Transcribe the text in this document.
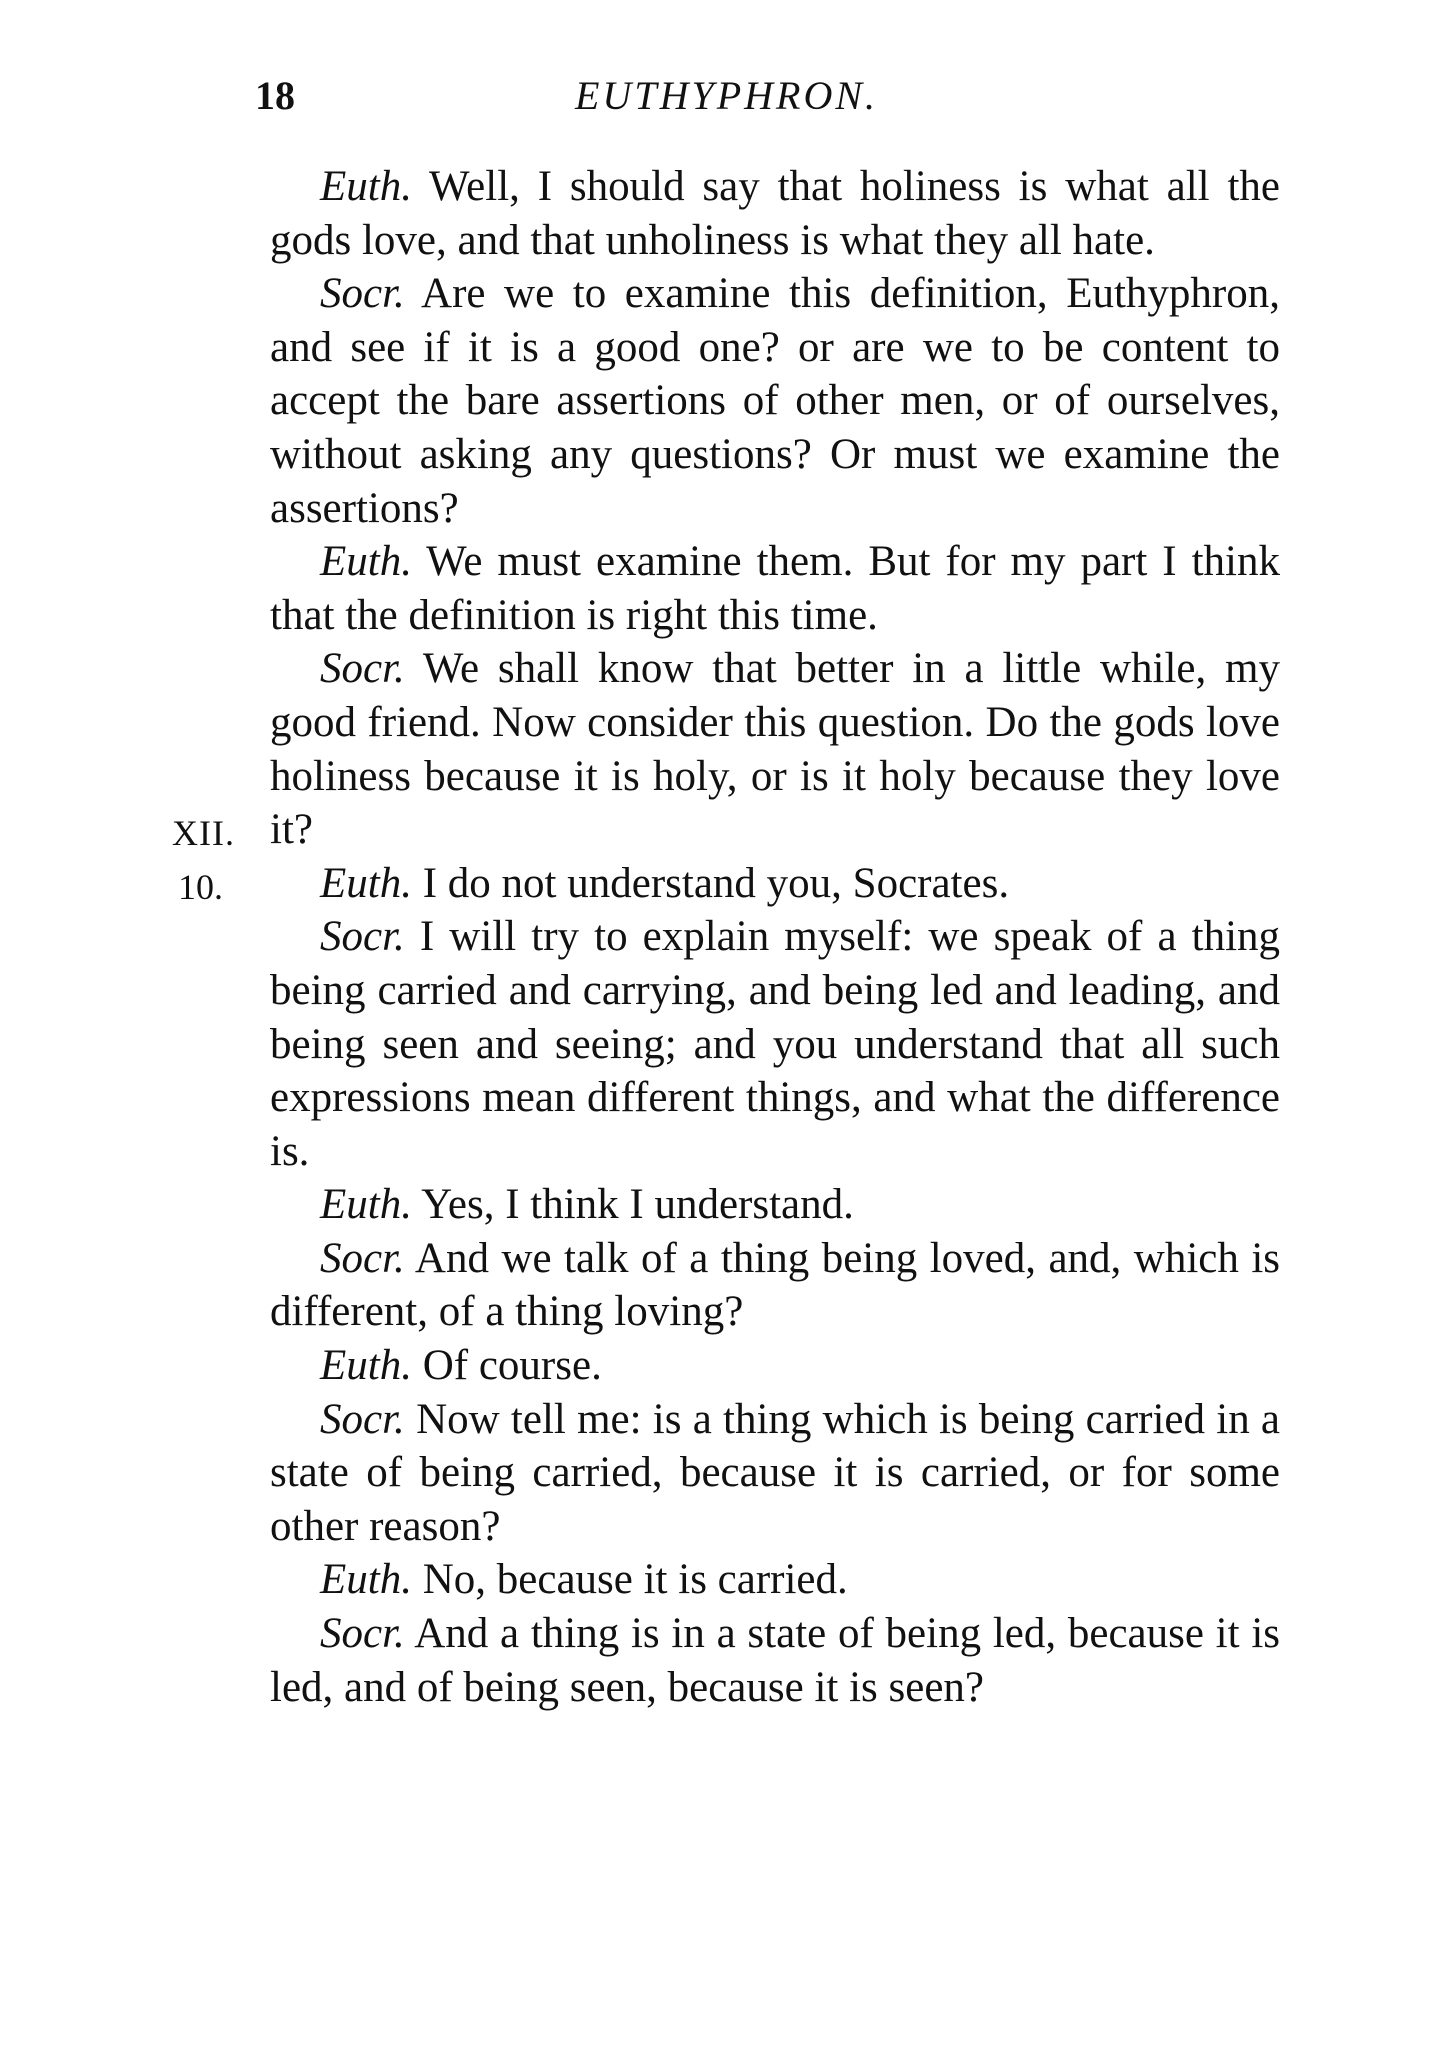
18	EUTHYPHRON.
XII.
10.

Euth. Well, I should say that holiness is what all the gods love, and that unholiness is what they all hate.

Socr. Are we to examine this definition, Euthyphron, and see if it is a good one? or are we to be content to accept the bare assertions of other men, or of ourselves, without asking any questions? Or must we examine the assertions?

Euth. We must examine them. But for my part I think that the definition is right this time.

Socr. We shall know that better in a little while, my good friend. Now consider this question. Do the gods love holiness because it is holy, or is it holy because they love it?

Euth. I do not understand you, Socrates.

Socr. I will try to explain myself: we speak of a thing being carried and carrying, and being led and leading, and being seen and seeing; and you understand that all such expressions mean different things, and what the difference is.

Euth. Yes, I think I understand.

Socr. And we talk of a thing being loved, and, which is different, of a thing loving?

Euth. Of course.

Socr. Now tell me: is a thing which is being carried in a state of being carried, because it is carried, or for some other reason?

Euth. No, because it is carried.

Socr. And a thing is in a state of being led, because it is led, and of being seen, because it is seen?
